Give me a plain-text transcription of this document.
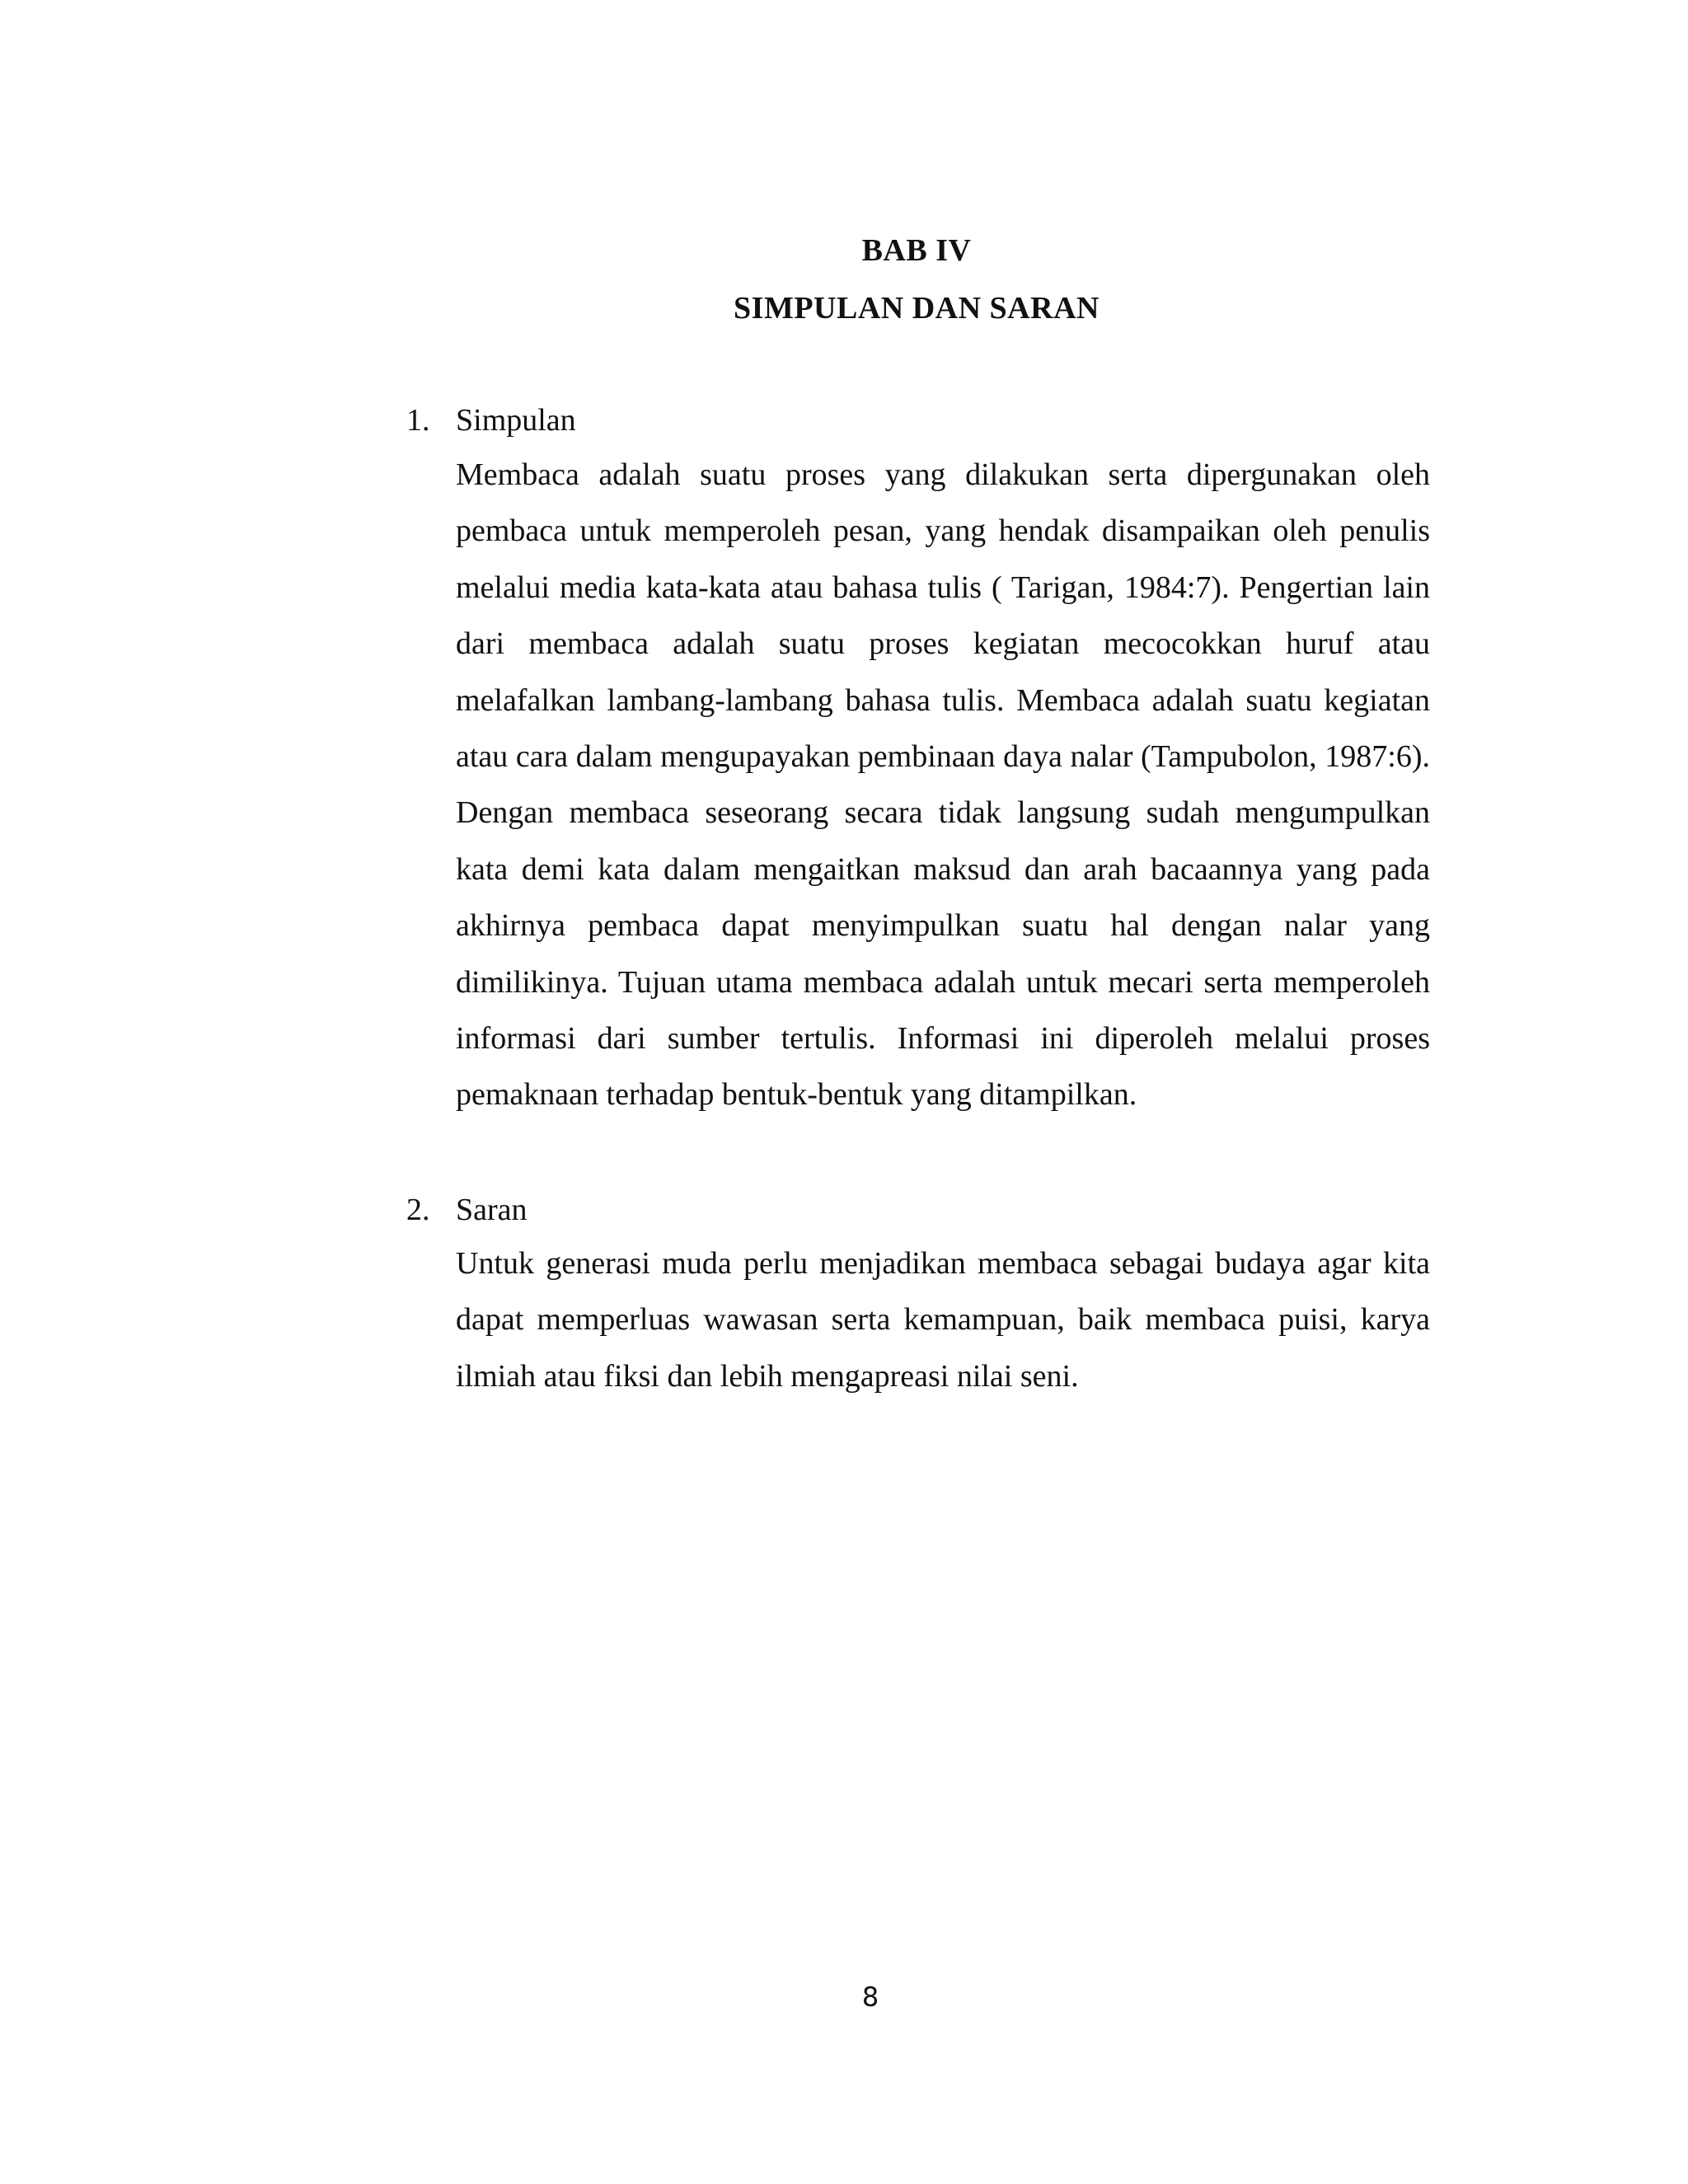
BAB IV
SIMPULAN DAN SARAN
1. Simpulan

Membaca adalah suatu proses yang dilakukan serta dipergunakan oleh pembaca untuk memperoleh pesan, yang hendak disampaikan oleh penulis melalui media kata-kata atau bahasa tulis ( Tarigan, 1984:7). Pengertian lain dari membaca adalah suatu proses kegiatan mecocokkan huruf atau melafalkan lambang-lambang bahasa tulis. Membaca adalah suatu kegiatan atau cara dalam mengupayakan pembinaan daya nalar (Tampubolon, 1987:6). Dengan membaca seseorang secara tidak langsung sudah mengumpulkan kata demi kata dalam mengaitkan maksud dan arah bacaannya yang pada akhirnya pembaca dapat menyimpulkan suatu hal dengan nalar yang dimilikinya. Tujuan utama membaca adalah untuk mecari serta memperoleh informasi dari sumber tertulis. Informasi ini diperoleh melalui proses pemaknaan terhadap bentuk-bentuk yang ditampilkan.

2. Saran

Untuk generasi muda perlu menjadikan membaca sebagai budaya agar kita dapat memperluas wawasan serta kemampuan, baik membaca puisi, karya ilmiah atau fiksi dan lebih mengapreasi nilai seni.

8
